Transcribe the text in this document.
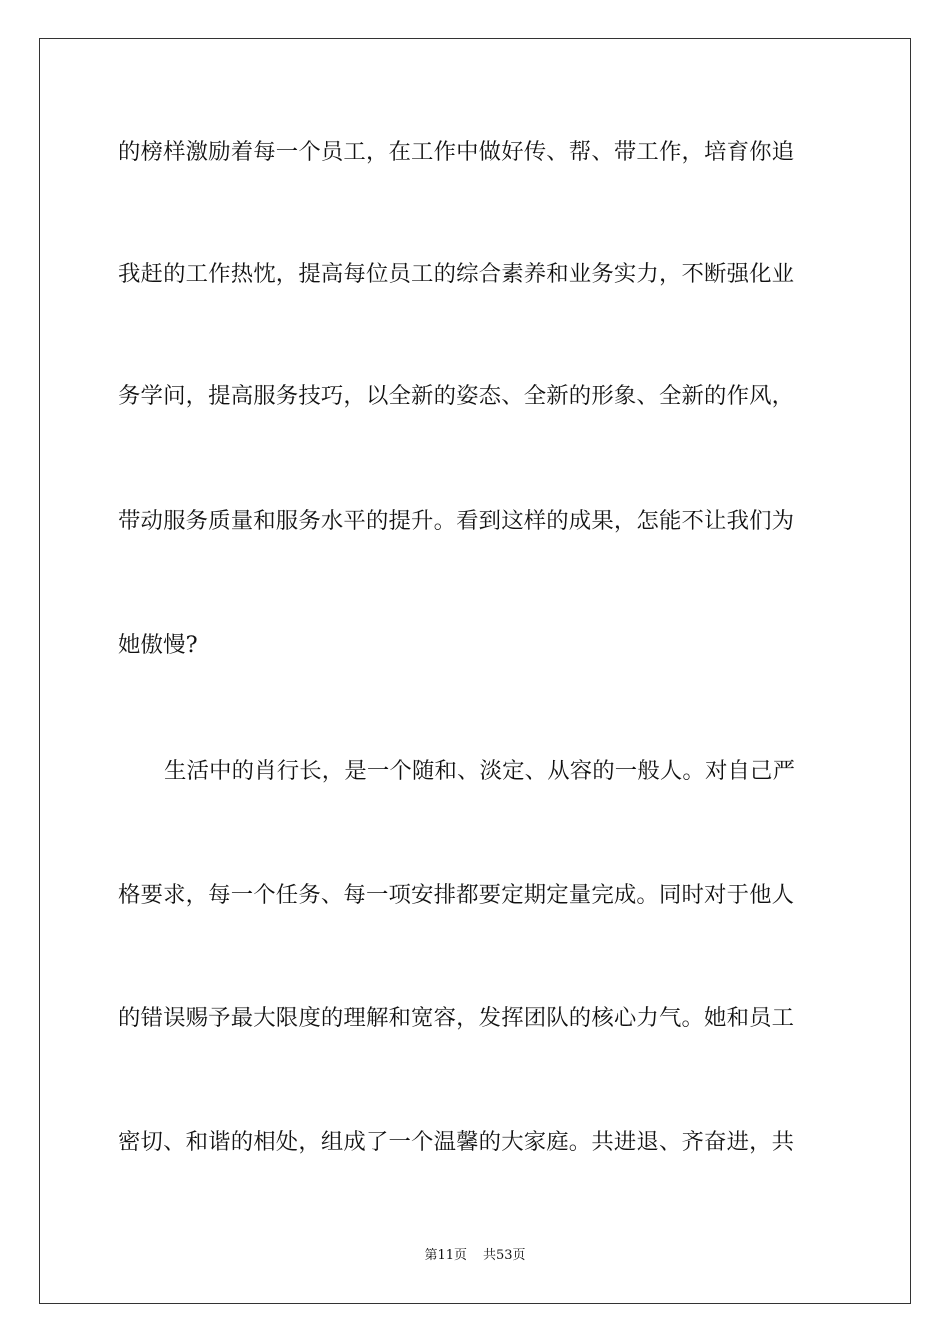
的榜样激励着每一个员工，在工作中做好传、帮、带工作，培育你追
我赶的工作热忱，提高每位员工的综合素养和业务实力，不断强化业
务学问，提高服务技巧，以全新的姿态、全新的形象、全新的作风，
带动服务质量和服务水平的提升。看到这样的成果，怎能不让我们为
她傲慢?
生活中的肖行长，是一个随和、淡定、从容的一般人。对自己严
格要求，每一个任务、每一项安排都要定期定量完成。同时对于他人
的错误赐予最大限度的理解和宽容，发挥团队的核心力气。她和员工
密切、和谐的相处，组成了一个温馨的大家庭。共进退、齐奋进，共
第11页 共53页
